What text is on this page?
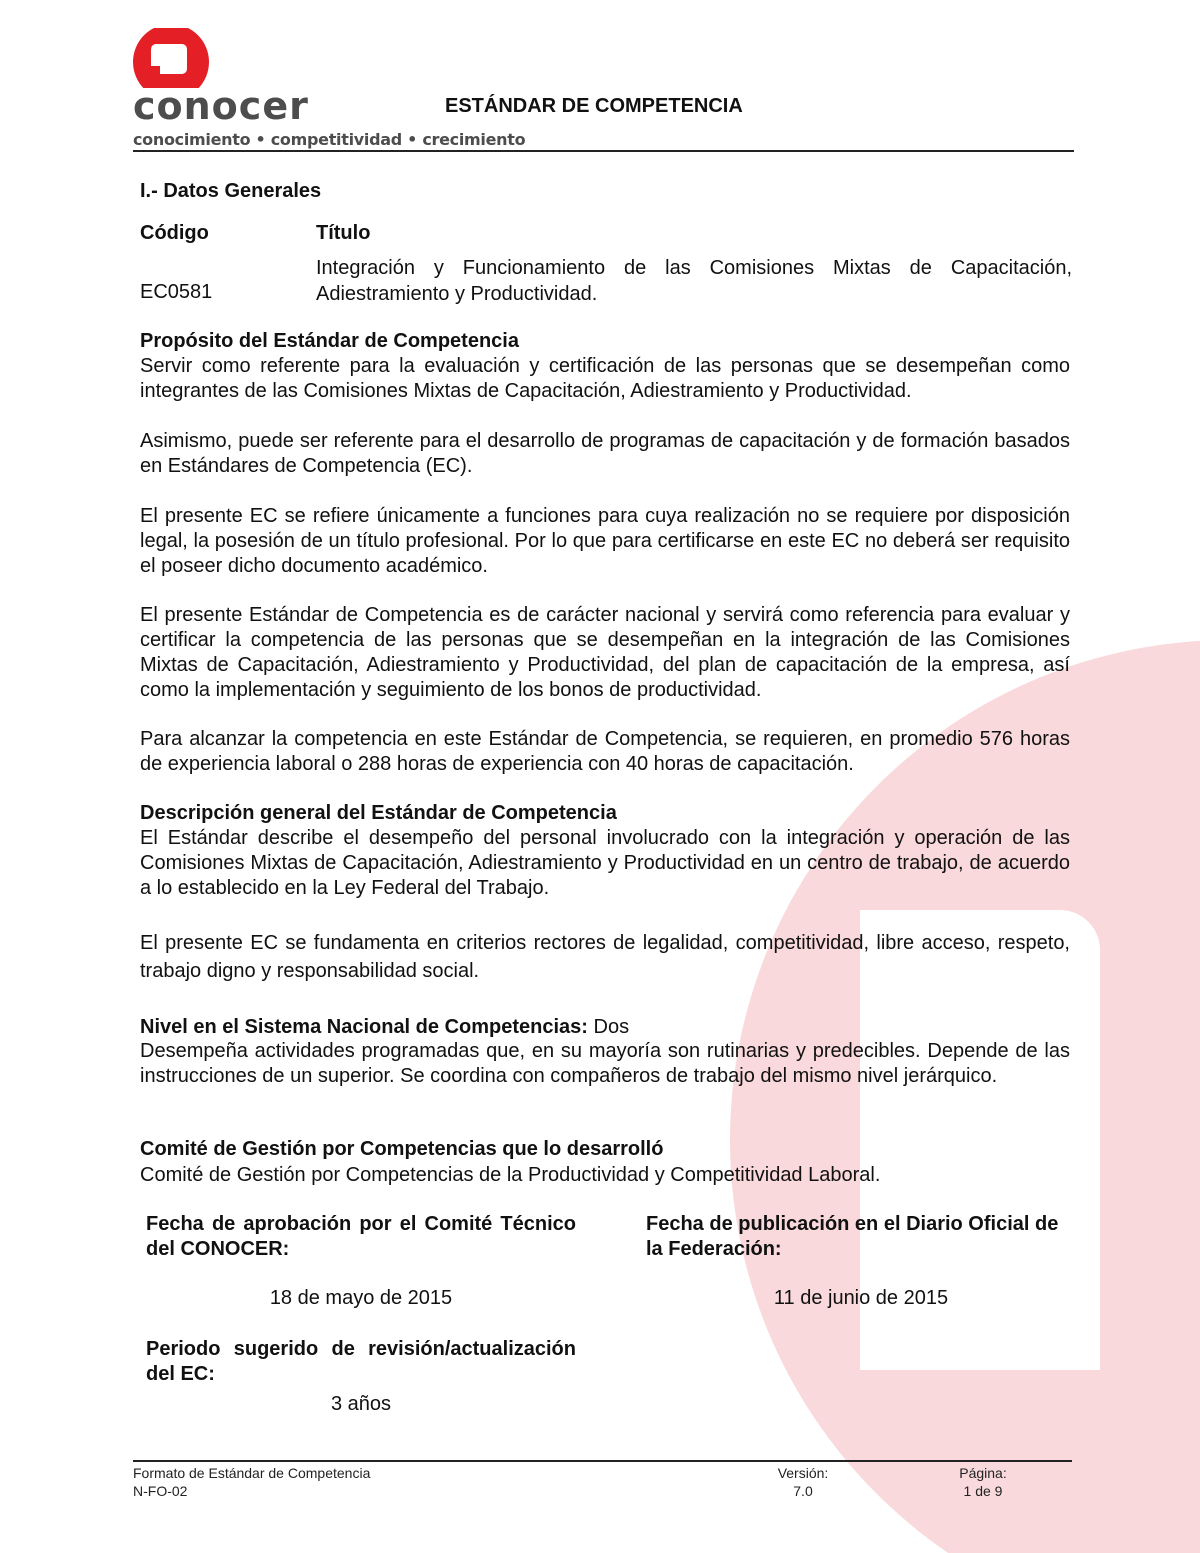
conocer
conocimiento • competitividad • crecimiento
ESTÁNDAR DE COMPETENCIA
I.- Datos Generales
Código	Título
EC0581
Integración y Funcionamiento de las Comisiones Mixtas de Capacitación, Adiestramiento y Productividad.
Propósito del Estándar de Competencia
Servir como referente para la evaluación y certificación de las personas que se desempeñan como integrantes de las Comisiones Mixtas de Capacitación, Adiestramiento y Productividad.
Asimismo, puede ser referente para el desarrollo de programas de capacitación y de formación basados en Estándares de Competencia (EC).
El presente EC se refiere únicamente a funciones para cuya realización no se requiere por disposición legal, la posesión de un título profesional. Por lo que para certificarse en este EC no deberá ser requisito el poseer dicho documento académico.
El presente Estándar de Competencia es de carácter nacional y servirá como referencia para evaluar y certificar la competencia de las personas que se desempeñan en la integración de las Comisiones Mixtas de Capacitación, Adiestramiento y Productividad, del plan de capacitación de la empresa, así como la implementación y seguimiento de los bonos de productividad.
Para alcanzar la competencia en este Estándar de Competencia, se requieren, en promedio 576 horas de experiencia laboral o 288 horas de experiencia con 40 horas de capacitación.
Descripción general del Estándar de Competencia
El Estándar describe el desempeño del personal involucrado con la integración y operación de las Comisiones Mixtas de Capacitación, Adiestramiento y Productividad en un centro de trabajo, de acuerdo a lo establecido en la Ley Federal del Trabajo.
El presente EC se fundamenta en criterios rectores de legalidad, competitividad, libre acceso, respeto, trabajo digno y responsabilidad social.
Nivel en el Sistema Nacional de Competencias: Dos
Desempeña actividades programadas que, en su mayoría son rutinarias y predecibles. Depende de las instrucciones de un superior. Se coordina con compañeros de trabajo del mismo nivel jerárquico.
Comité de Gestión por Competencias que lo desarrolló
Comité de Gestión por Competencias de la Productividad y Competitividad Laboral.
Fecha de aprobación por el Comité Técnico del CONOCER:
Fecha de publicación en el Diario Oficial de la Federación:
18 de mayo de 2015	11 de junio de 2015
Periodo sugerido de revisión/actualización del EC:
3 años
Formato de Estándar de Competencia
N-FO-02
Versión:
7.0
Página:
1 de 9
